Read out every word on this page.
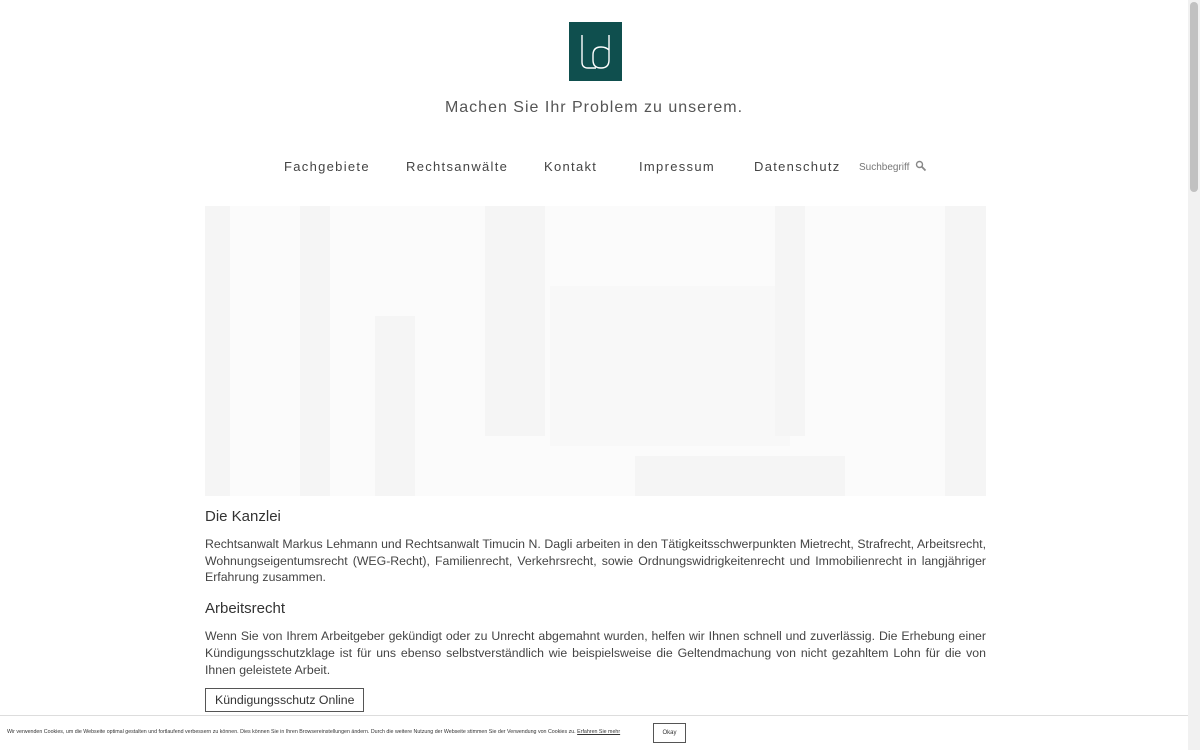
Machen Sie Ihr Problem zu unserem.
Fachgebiete	Rechtsanwälte	Kontakt	Impressum	Datenschutz Suchbegriff
Die Kanzlei

Rechtsanwalt Markus Lehmann und Rechtsanwalt Timucin N. Dagli arbeiten in den Tätigkeitsschwerpunkten Mietrecht, Strafrecht, Arbeitsrecht, Wohnungseigentumsrecht (WEG-Recht), Familienrecht, Verkehrsrecht, sowie Ordnungswidrigkeitenrecht und Immobilienrecht in langjähriger Erfahrung zusammen.

Arbeitsrecht

Wenn Sie von Ihrem Arbeitgeber gekündigt oder zu Unrecht abgemahnt wurden, helfen wir Ihnen schnell und zuverlässig. Die Erhebung einer Kündigungsschutzklage ist für uns ebenso selbstverständlich wie beispielsweise die Geltendmachung von nicht gezahltem Lohn für die von Ihnen geleistete Arbeit.

Kündigungsschutz Online
Wir verwenden Cookies, um die Webseite optimal gestalten und fortlaufend verbessern zu können. Dies können Sie in Ihren Browsereinstellungen ändern. Durch die weitere Nutzung der Webseite stimmen Sie der Verwendung von Cookies zu. Erfahren Sie mehr	Okay
